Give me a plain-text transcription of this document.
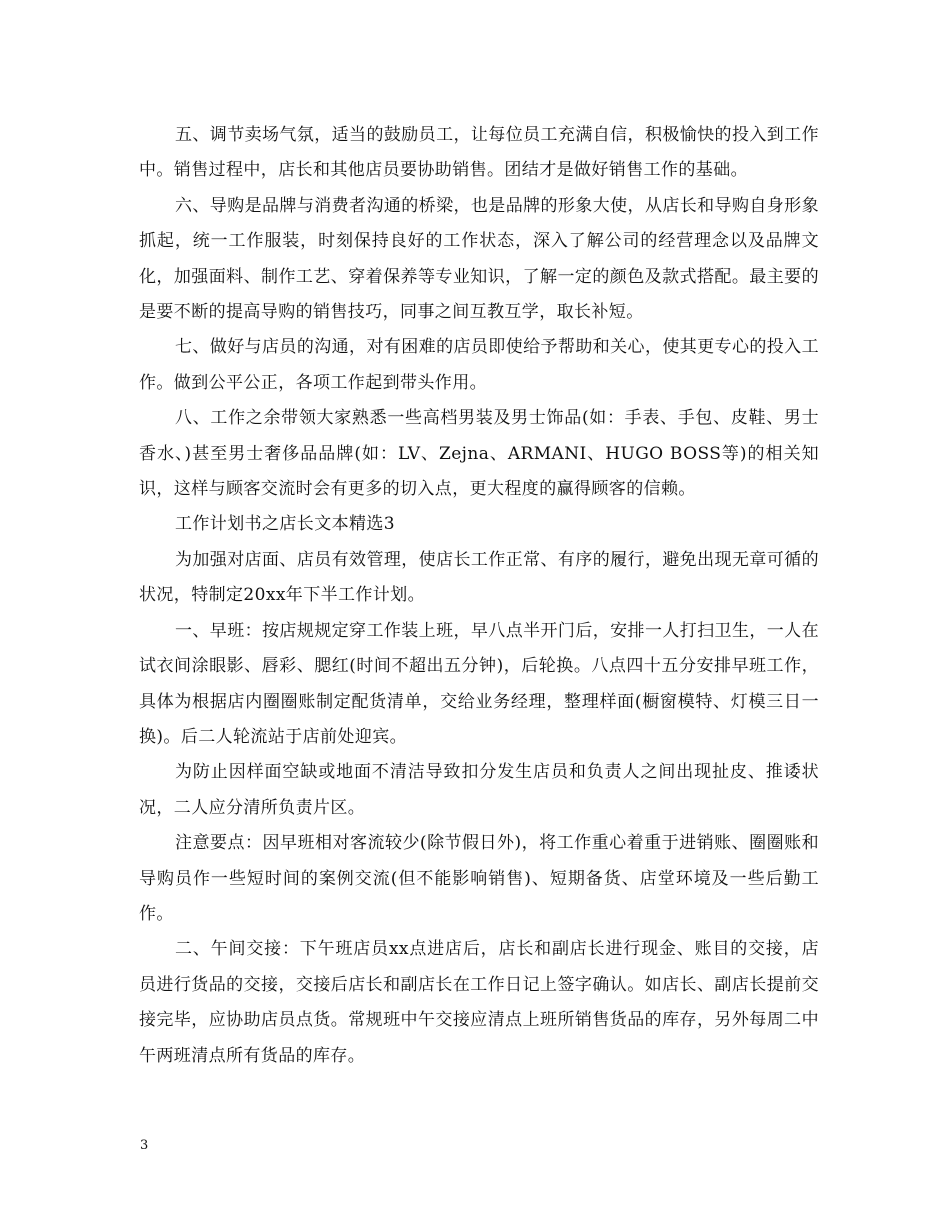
五、调节卖场气氛，适当的鼓励员工，让每位员工充满自信，积极愉快的投入到工作中。销售过程中，店长和其他店员要协助销售。团结才是做好销售工作的基础。

六、导购是品牌与消费者沟通的桥梁，也是品牌的形象大使，从店长和导购自身形象抓起，统一工作服装，时刻保持良好的工作状态，深入了解公司的经营理念以及品牌文化，加强面料、制作工艺、穿着保养等专业知识，了解一定的颜色及款式搭配。最主要的是要不断的提高导购的销售技巧，同事之间互教互学，取长补短。

七、做好与店员的沟通，对有困难的店员即使给予帮助和关心，使其更专心的投入工作。做到公平公正，各项工作起到带头作用。

八、工作之余带领大家熟悉一些高档男装及男士饰品(如：手表、手包、皮鞋、男士香水、)甚至男士奢侈品品牌(如：LV、Zejna、ARMANI、HUGO BOSS等)的相关知识，这样与顾客交流时会有更多的切入点，更大程度的赢得顾客的信赖。

工作计划书之店长文本精选3

为加强对店面、店员有效管理，使店长工作正常、有序的履行，避免出现无章可循的状况，特制定20xx年下半工作计划。

一、早班：按店规规定穿工作装上班，早八点半开门后，安排一人打扫卫生，一人在试衣间涂眼影、唇彩、腮红(时间不超出五分钟)，后轮换。八点四十五分安排早班工作，具体为根据店内圈圈账制定配货清单，交给业务经理，整理样面(橱窗模特、灯模三日一换)。后二人轮流站于店前处迎宾。

为防止因样面空缺或地面不清洁导致扣分发生店员和负责人之间出现扯皮、推诿状况，二人应分清所负责片区。

注意要点：因早班相对客流较少(除节假日外)，将工作重心着重于进销账、圈圈账和导购员作一些短时间的案例交流(但不能影响销售)、短期备货、店堂环境及一些后勤工作。

二、午间交接：下午班店员xx点进店后，店长和副店长进行现金、账目的交接，店员进行货品的交接，交接后店长和副店长在工作日记上签字确认。如店长、副店长提前交接完毕，应协助店员点货。常规班中午交接应清点上班所销售货品的库存，另外每周二中午两班清点所有货品的库存。

3
